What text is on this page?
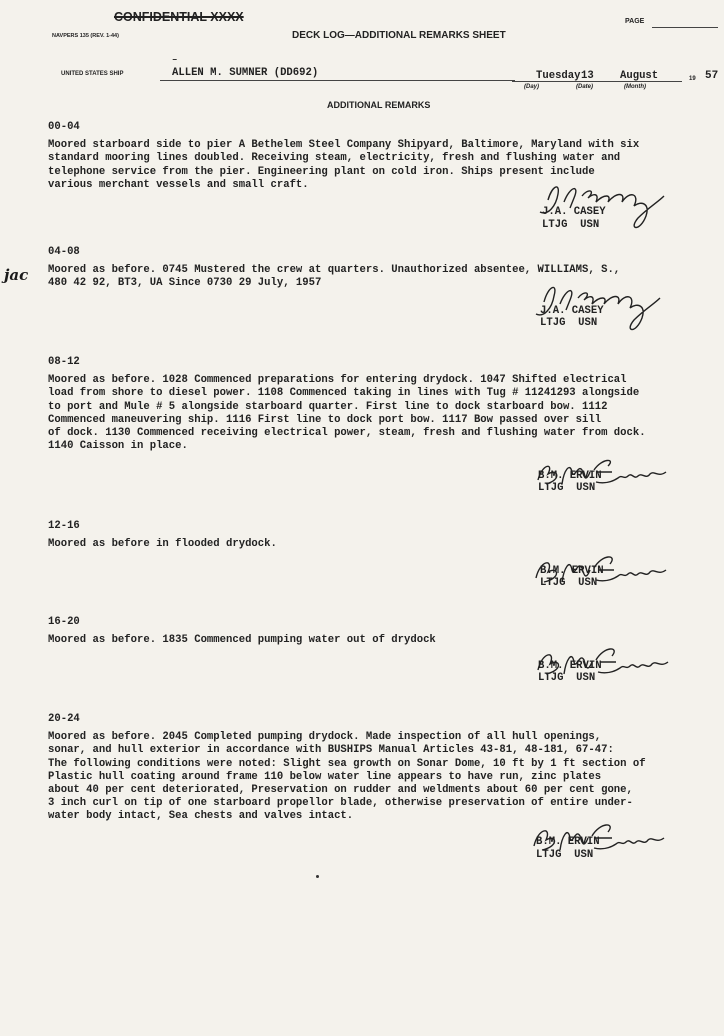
CONFIDENTIAL XXXX	PAGE
NAVPERS 135 (REV. 1-44)	DECK LOG—ADDITIONAL REMARKS SHEET
–
UNITED STATES SHIP	ALLEN M. SUMNER (DD692)	Tuesday 13 August
(Day)	(Date)	(Month)
19 57
ADDITIONAL REMARKS
jac
00-04
Moored starboard side to pier A Bethelem Steel Company Shipyard, Baltimore, Maryland with six
standard mooring lines doubled. Receiving steam, electricity, fresh and flushing water and
telephone service from the pier. Engineering plant on cold iron. Ships present include
various merchant vessels and small craft.
J.A. CASEY
LTJG  USN
04-08
Moored as before. 0745 Mustered the crew at quarters. Unauthorized absentee, WILLIAMS, S.,
480 42 92, BT3, UA Since 0730 29 July, 1957
J.A. CASEY
LTJG  USN
08-12
Moored as before. 1028 Commenced preparations for entering drydock. 1047 Shifted electrical
load from shore to diesel power. 1108 Commenced taking in lines with Tug # 11241293 alongside
to port and Mule # 5 alongside starboard quarter. First line to dock starboard bow. 1112
Commenced maneuvering ship. 1116 First line to dock port bow. 1117 Bow passed over sill
of dock. 1130 Commenced receiving electrical power, steam, fresh and flushing water from dock.
1140 Caisson in place.
B.M. ERVIN
LTJG  USN
12-16
Moored as before in flooded drydock.
B.M. ERVIN
LTJG  USN
16-20
Moored as before. 1835 Commenced pumping water out of drydock
B.M. ERVIN
LTJG  USN
20-24
Moored as before. 2045 Completed pumping drydock. Made inspection of all hull openings,
sonar, and hull exterior in accordance with BUSHIPS Manual Articles 43-81, 48-181, 67-47:
The following conditions were noted: Slight sea growth on Sonar Dome, 10 ft by 1 ft section of
Plastic hull coating around frame 110 below water line appears to have run, zinc plates
about 40 per cent deteriorated, Preservation on rudder and weldments about 60 per cent gone,
3 inch curl on tip of one starboard propellor blade, otherwise preservation of entire under-
water body intact, Sea chests and valves intact.
B.M. ERVIN
LTJG  USN
